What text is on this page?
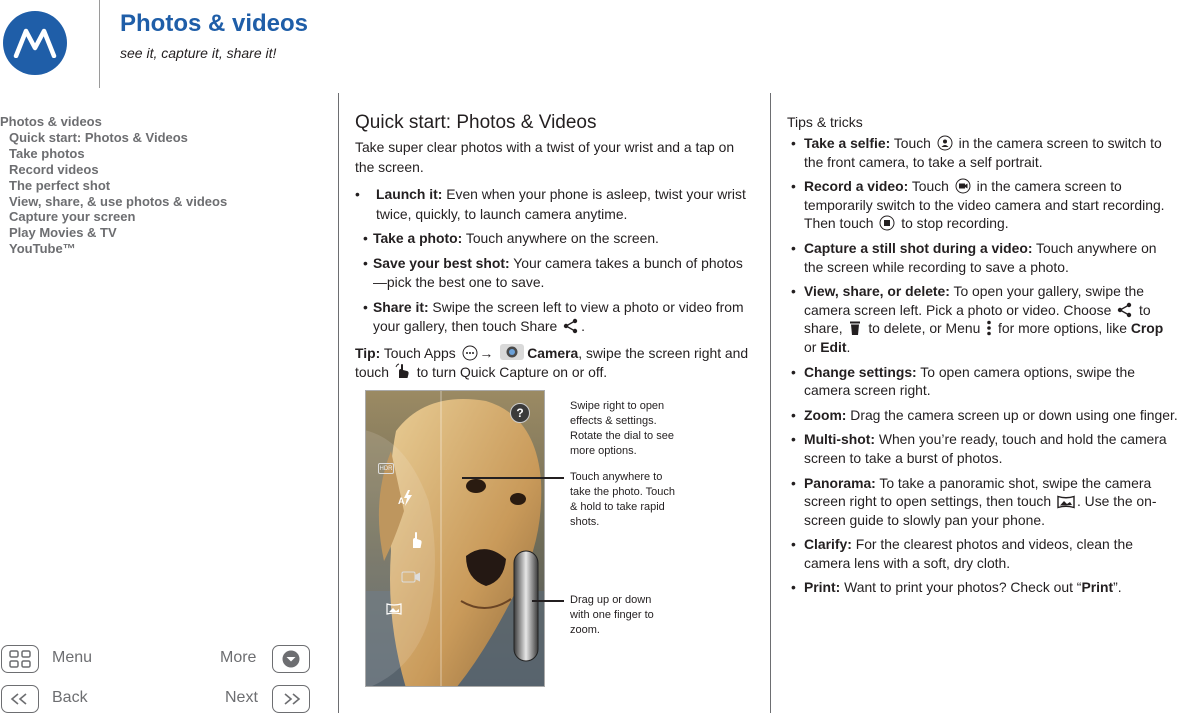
Photos & videos
see it, capture it, share it!
Photos & videos
Quick start: Photos & Videos
Take photos
Record videos
The perfect shot
View, share, & use photos & videos
Capture your screen
Play Movies & TV
YouTube™
Menu	More
Back	Next
Quick start: Photos & Videos

Take super clear photos with a twist of your wrist and a tap on the screen.

• Launch it: Even when your phone is asleep, twist your wrist twice, quickly, to launch camera anytime.
• Take a photo: Touch anywhere on the screen.
• Save your best shot: Your camera takes a bunch of photos—pick the best one to save.
• Share it: Swipe the screen left to view a photo or video from your gallery, then touch Share .

Tip: Touch Apps → Camera, swipe the screen right and touch  to turn Quick Capture on or off.

?
HDR
A
Swipe right to open effects & settings. Rotate the dial to see more options.
Touch anywhere to take the photo. Touch & hold to take rapid shots.
Drag up or down with one finger to zoom.
Tips & tricks
• Take a selfie: Touch  in the camera screen to switch to the front camera, to take a self portrait.
• Record a video: Touch  in the camera screen to temporarily switch to the video camera and start recording. Then touch  to stop recording.
• Capture a still shot during a video: Touch anywhere on the screen while recording to save a photo.
• View, share, or delete: To open your gallery, swipe the camera screen left. Pick a photo or video. Choose  to share,  to delete, or Menu  for more options, like Crop or Edit.
• Change settings: To open camera options, swipe the camera screen right.
• Zoom: Drag the camera screen up or down using one finger.
• Multi-shot: When you’re ready, touch and hold the camera screen to take a burst of photos.
• Panorama: To take a panoramic shot, swipe the camera screen right to open settings, then touch . Use the on-screen guide to slowly pan your phone.
• Clarify: For the clearest photos and videos, clean the camera lens with a soft, dry cloth.
• Print: Want to print your photos? Check out “Print”.
